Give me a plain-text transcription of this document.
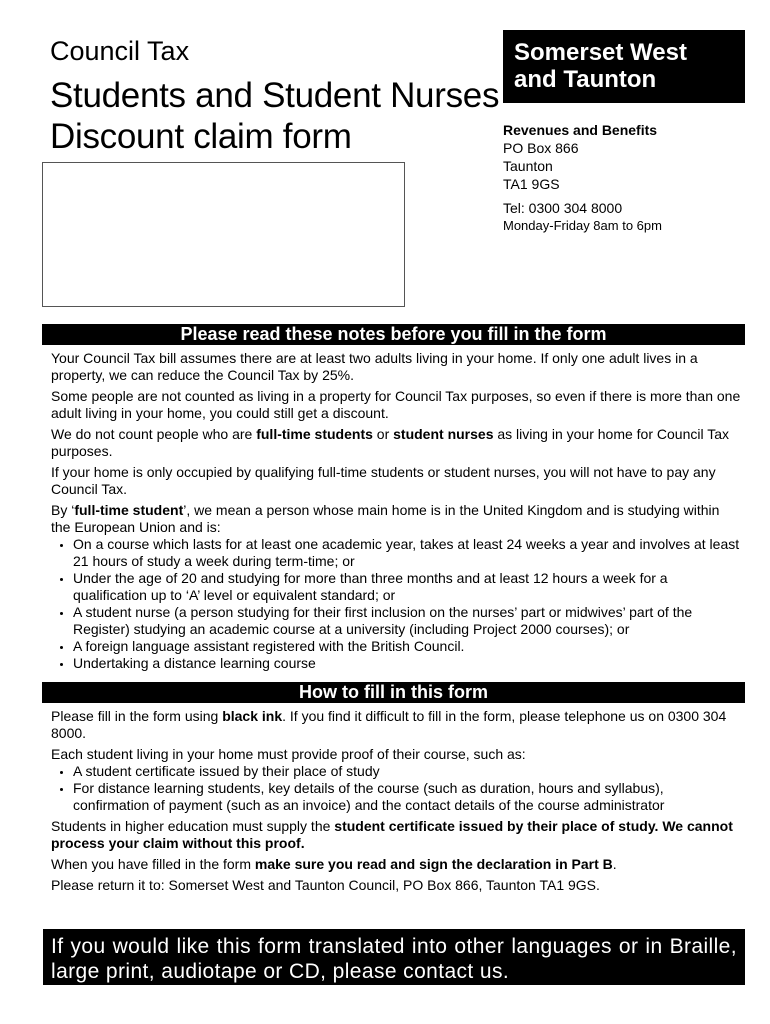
Council Tax
Students and Student Nurses
Discount claim form
Somerset West
and Taunton
Revenues and Benefits
PO Box 866
Taunton
TA1 9GS
Tel: 0300 304 8000
Monday-Friday 8am to 6pm
Please read these notes before you fill in the form

Your Council Tax bill assumes there are at least two adults living in your home. If only one adult lives in a property, we can reduce the Council Tax by 25%.

Some people are not counted as living in a property for Council Tax purposes, so even if there is more than one adult living in your home, you could still get a discount.

We do not count people who are full-time students or student nurses as living in your home for Council Tax purposes.

If your home is only occupied by qualifying full-time students or student nurses, you will not have to pay any Council Tax.

By ‘full-time student’, we mean a person whose main home is in the United Kingdom and is studying within the European Union and is:

• On a course which lasts for at least one academic year, takes at least 24 weeks a year and involves at least 21 hours of study a week during term-time; or
• Under the age of 20 and studying for more than three months and at least 12 hours a week for a qualification up to ‘A’ level or equivalent standard; or
• A student nurse (a person studying for their first inclusion on the nurses’ part or midwives’ part of the Register) studying an academic course at a university (including Project 2000 courses); or
• A foreign language assistant registered with the British Council.
• Undertaking a distance learning course
How to fill in this form

Please fill in the form using black ink. If you find it difficult to fill in the form, please telephone us on 0300 304 8000.

Each student living in your home must provide proof of their course, such as:

• A student certificate issued by their place of study
• For distance learning students, key details of the course (such as duration, hours and syllabus), confirmation of payment (such as an invoice) and the contact details of the course administrator

Students in higher education must supply the student certificate issued by their place of study. We cannot process your claim without this proof.

When you have filled in the form make sure you read and sign the declaration in Part B.

Please return it to: Somerset West and Taunton Council, PO Box 866, Taunton TA1 9GS.

If you would like this form translated into other languages or in Braille, large print, audiotape or CD, please contact us.
